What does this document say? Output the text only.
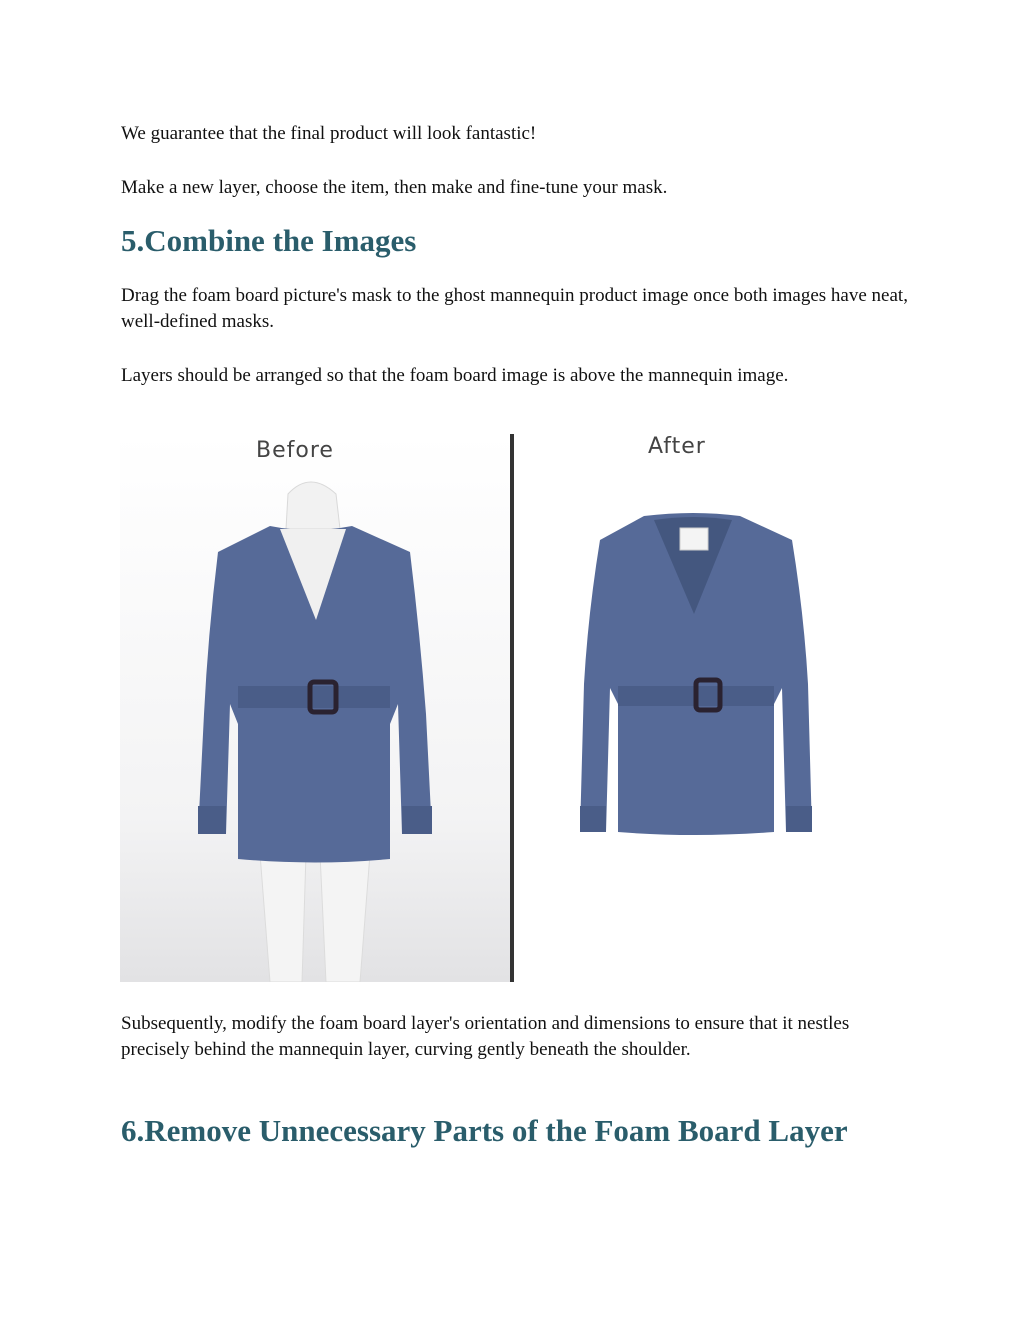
We guarantee that the final product will look fantastic!

Make a new layer, choose the item, then make and fine-tune your mask.

5.Combine the Images

Drag the foam board picture's mask to the ghost mannequin product image once both images have neat, well-defined masks.

Layers should be arranged so that the foam board image is above the mannequin image.

Before	After

Subsequently, modify the foam board layer's orientation and dimensions to ensure that it nestles precisely behind the mannequin layer, curving gently beneath the shoulder.

6.Remove Unnecessary Parts of the Foam Board Layer
